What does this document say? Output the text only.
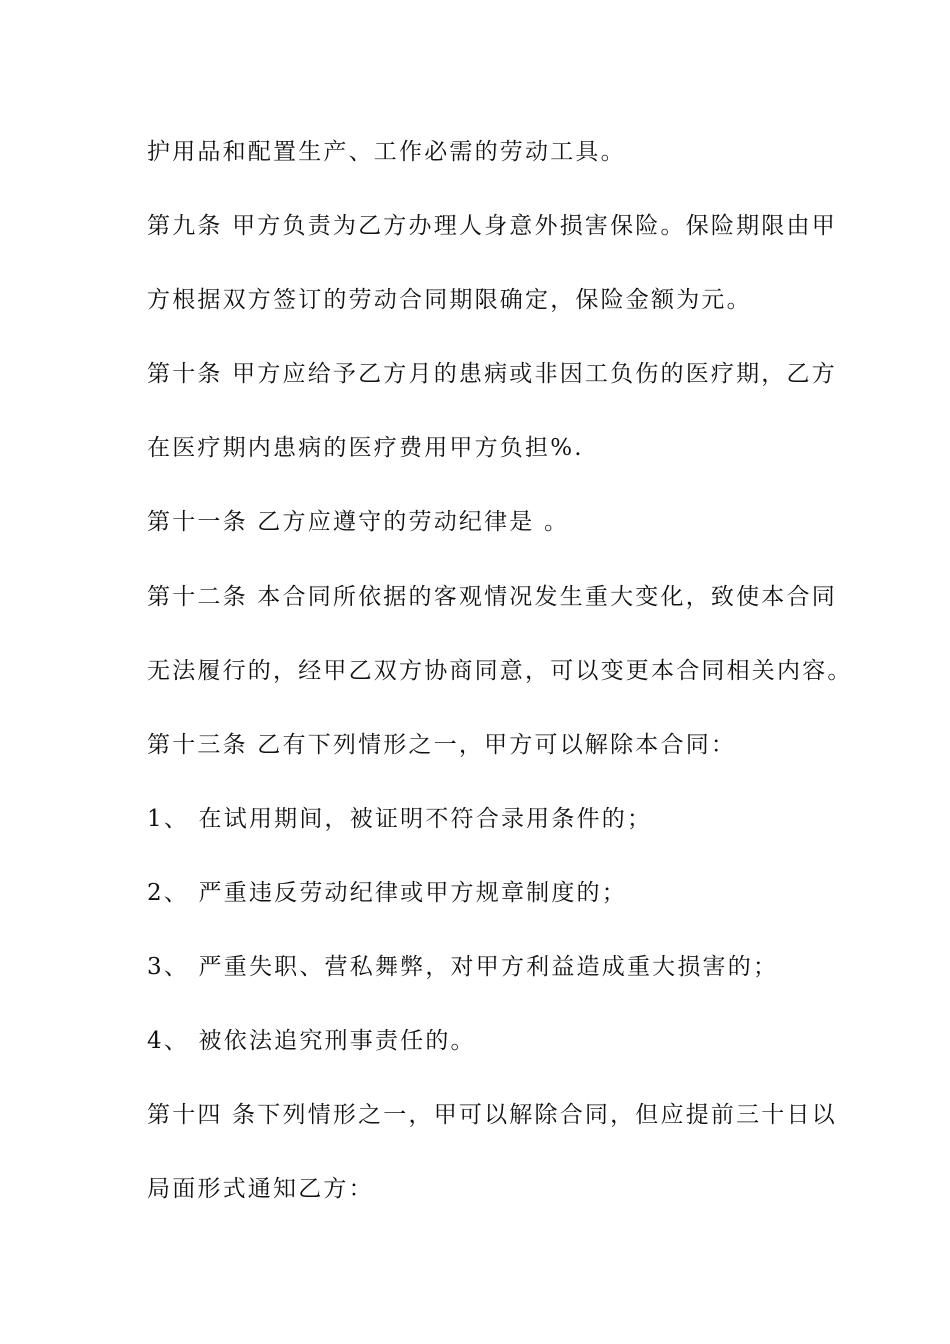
护用品和配置生产、工作必需的劳动工具。
第九条 甲方负责为乙方办理人身意外损害保险。保险期限由甲
方根据双方签订的劳动合同期限确定，保险金额为元。
第十条 甲方应给予乙方月的患病或非因工负伤的医疗期，乙方
在医疗期内患病的医疗费用甲方负担%.
第十一条 乙方应遵守的劳动纪律是 。
第十二条 本合同所依据的客观情况发生重大变化，致使本合同
无法履行的，经甲乙双方协商同意，可以变更本合同相关内容。
第十三条 乙有下列情形之一，甲方可以解除本合同：
1、 在试用期间，被证明不符合录用条件的；
2、 严重违反劳动纪律或甲方规章制度的；
3、 严重失职、营私舞弊，对甲方利益造成重大损害的；
4、 被依法追究刑事责任的。
第十四 条下列情形之一，甲可以解除合同，但应提前三十日以
局面形式通知乙方：
